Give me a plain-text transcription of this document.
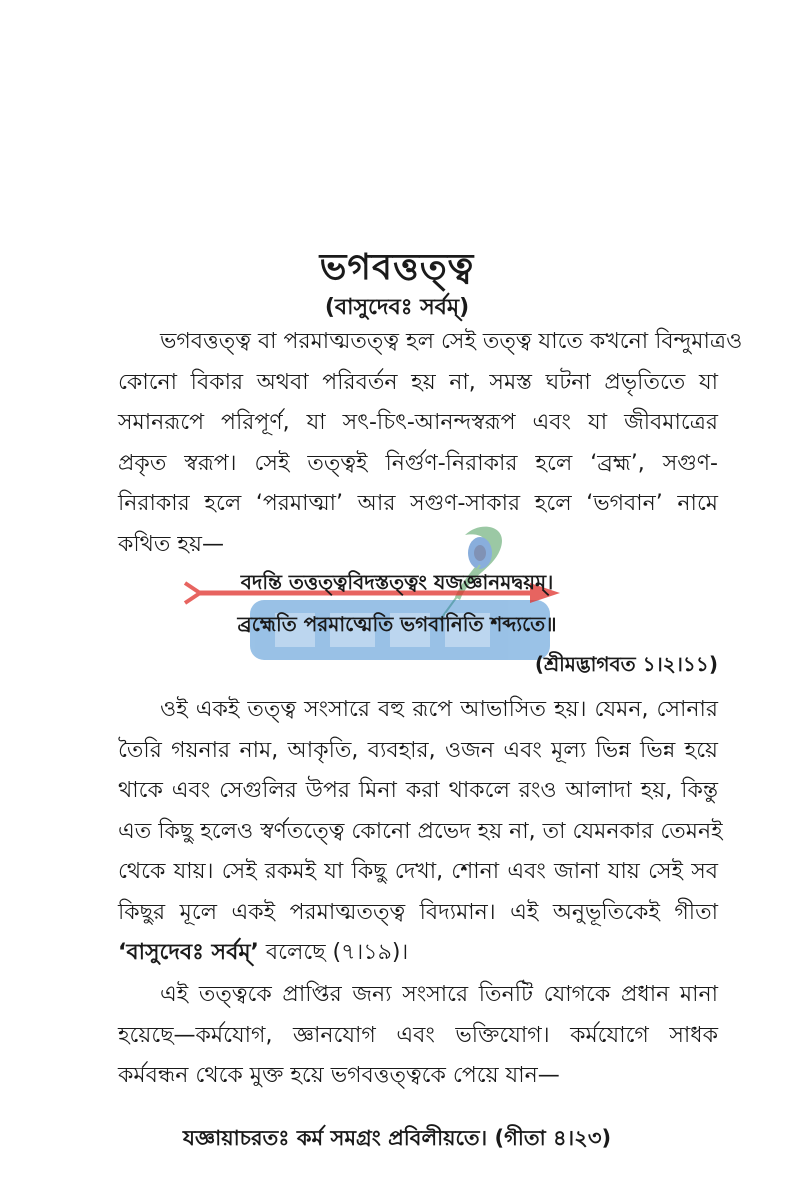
ভগবত্তত্ত্ব
(বাসুদেবঃ সর্বম্)
ভগবত্তত্ত্ব বা পরমাত্মতত্ত্ব হল সেই তত্ত্ব যাতে কখনো বিন্দুমাত্রও
কোনো বিকার অথবা পরিবর্তন হয় না, সমস্ত ঘটনা প্রভৃতিতে যা
সমানরূপে পরিপূর্ণ, যা সৎ-চিৎ-আনন্দস্বরূপ এবং যা জীবমাত্রের
প্রকৃত স্বরূপ। সেই তত্ত্বই নির্গুণ-নিরাকার হলে ‘ব্রহ্ম’, সগুণ-
নিরাকার হলে ‘পরমাত্মা’ আর সগুণ-সাকার হলে ‘ভগবান’ নামে
কথিত হয়—
বদন্তি তত্তত্ত্ববিদস্তত্ত্বং যজজ্ঞানমদ্বয়ম্।
ব্রহ্মেতি পরমাত্মেতি ভগবানিতি শব্দ্যতে॥
(শ্রীমদ্ভাগবত ১।২।১১)
ওই একই তত্ত্ব সংসারে বহু রূপে আভাসিত হয়। যেমন, সোনার
তৈরি গয়নার নাম, আকৃতি, ব্যবহার, ওজন এবং মূল্য ভিন্ন ভিন্ন হয়ে
থাকে এবং সেগুলির উপর মিনা করা থাকলে রংও আলাদা হয়, কিন্তু
এত কিছু হলেও স্বর্ণতত্ত্বে কোনো প্রভেদ হয় না, তা যেমনকার তেমনই
থেকে যায়। সেই রকমই যা কিছু দেখা, শোনা এবং জানা যায় সেই সব
কিছুর মূলে একই পরমাত্মতত্ত্ব বিদ্যমান। এই অনুভূতিকেই গীতা
‘বাসুদেবঃ সর্বম্’ বলেছে (৭।১৯)।
এই তত্ত্বকে প্রাপ্তির জন্য সংসারে তিনটি যোগকে প্রধান মানা
হয়েছে—কর্মযোগ, জ্ঞানযোগ এবং ভক্তিযোগ। কর্মযোগে সাধক
কর্মবন্ধন থেকে মুক্ত হয়ে ভগবত্তত্ত্বকে পেয়ে যান—
যজ্ঞায়াচরতঃ কর্ম সমগ্রং প্রবিলীয়তে। (গীতা ৪।২৩)
